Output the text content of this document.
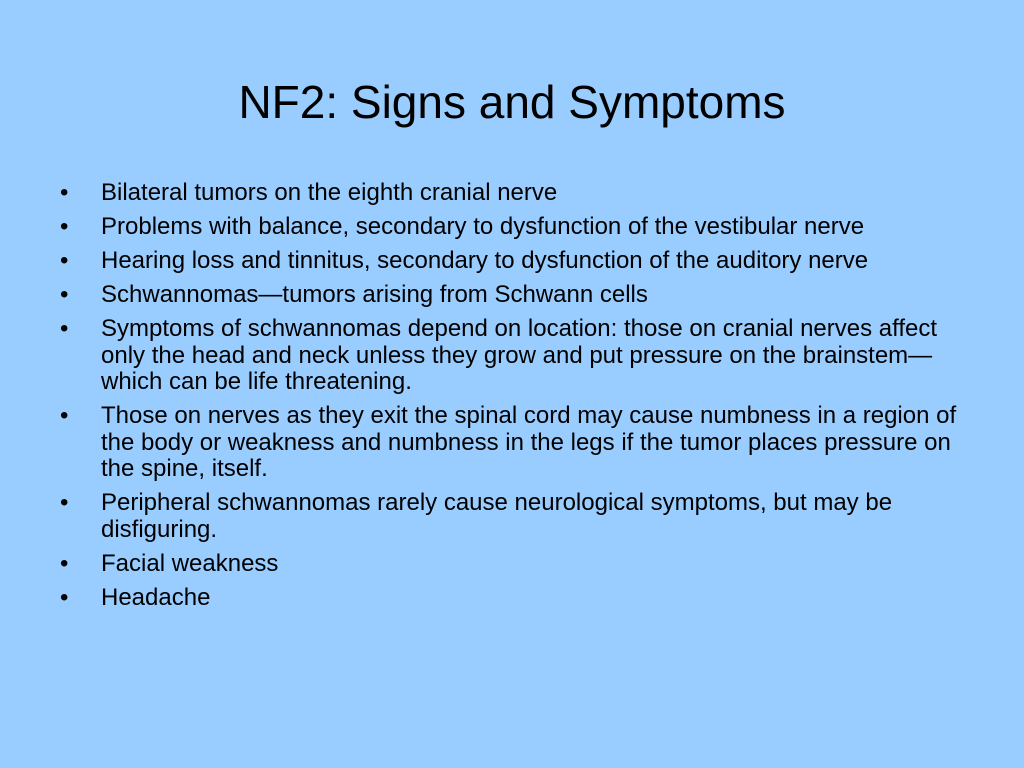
NF2: Signs and Symptoms
•	Bilateral tumors on the eighth cranial nerve
•	Problems with balance, secondary to dysfunction of the vestibular nerve
•	Hearing loss and tinnitus, secondary to dysfunction of the auditory nerve
•	Schwannomas—tumors arising from Schwann cells
•	Symptoms of schwannomas depend on location: those on cranial nerves affect only the head and neck unless they grow and put pressure on the brainstem—which can be life threatening.
•	Those on nerves as they exit the spinal cord may cause numbness in a region of the body or weakness and numbness in the legs if the tumor places pressure on the spine, itself.
•	Peripheral schwannomas rarely cause neurological symptoms, but may be disfiguring.
•	Facial weakness
•	Headache
